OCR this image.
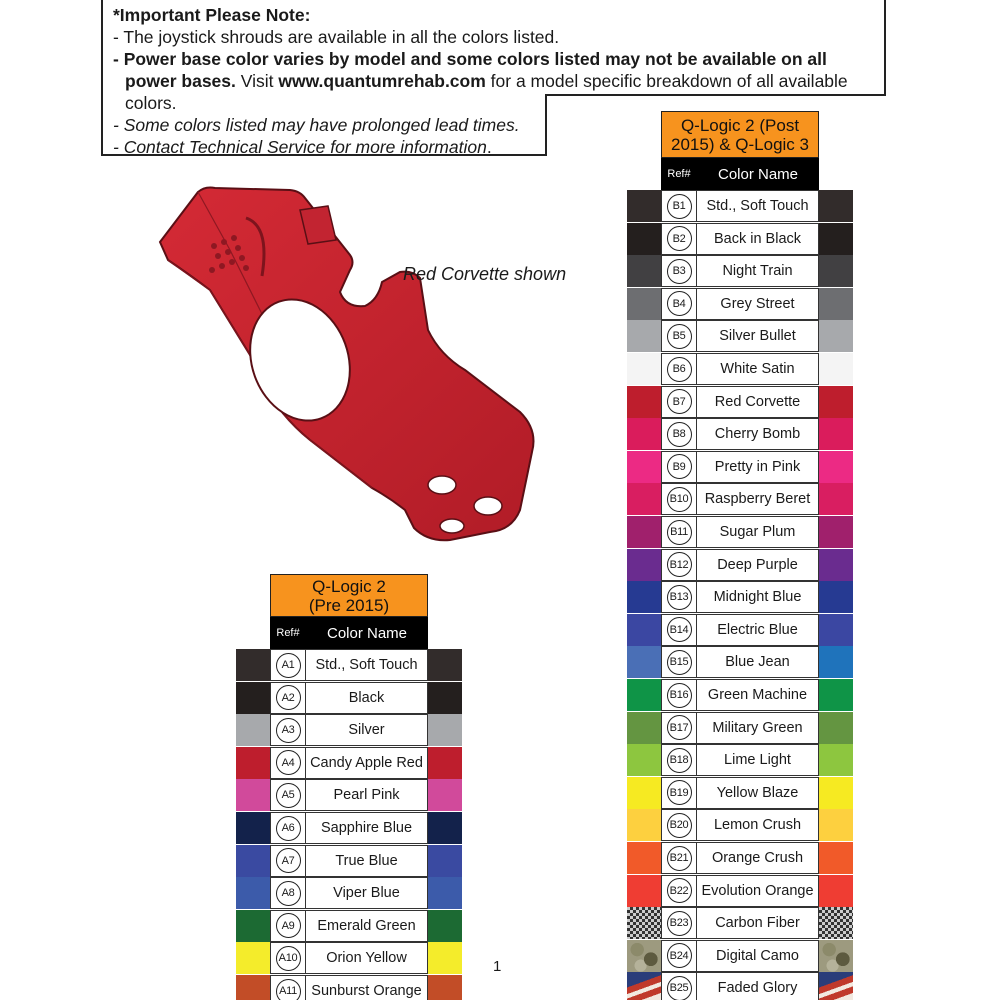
*Important Please Note:
- The joystick shrouds are available in all the colors listed.
- Power base color varies by model and some colors listed may not be available on all
power bases. Visit www.quantumrehab.com for a model specific breakdown of all available
colors.
- Some colors listed may have prolonged lead times.
- Contact Technical Service for more information.
Red Corvette shown
Q-Logic 2
(Pre 2015)
Ref#	Color Name
A1	Std., Soft Touch
A2	Black
A3	Silver
A4	Candy Apple Red
A5	Pearl Pink
A6	Sapphire Blue
A7	True Blue
A8	Viper Blue
A9	Emerald Green
A10	Orion Yellow
A11 Sunburst Orange
Q-Logic 2 (Post
2015) & Q-Logic 3
Ref#	Color Name
B1	Std., Soft Touch
B2	Back in Black
B3	Night Train
B4	Grey Street
B5	Silver Bullet
B6	White Satin
B7	Red Corvette
B8	Cherry Bomb
B9	Pretty in Pink
B10	Raspberry Beret
B11	Sugar Plum
B12	Deep Purple
B13	Midnight Blue
B14	Electric Blue
B15	Blue Jean
B16	Green Machine
B17	Military Green
B18	Lime Light
B19	Yellow Blaze
B20	Lemon Crush
B21	Orange Crush
B22 Evolution Orange
B23	Carbon Fiber
B24	Digital Camo
B25	Faded Glory
1
